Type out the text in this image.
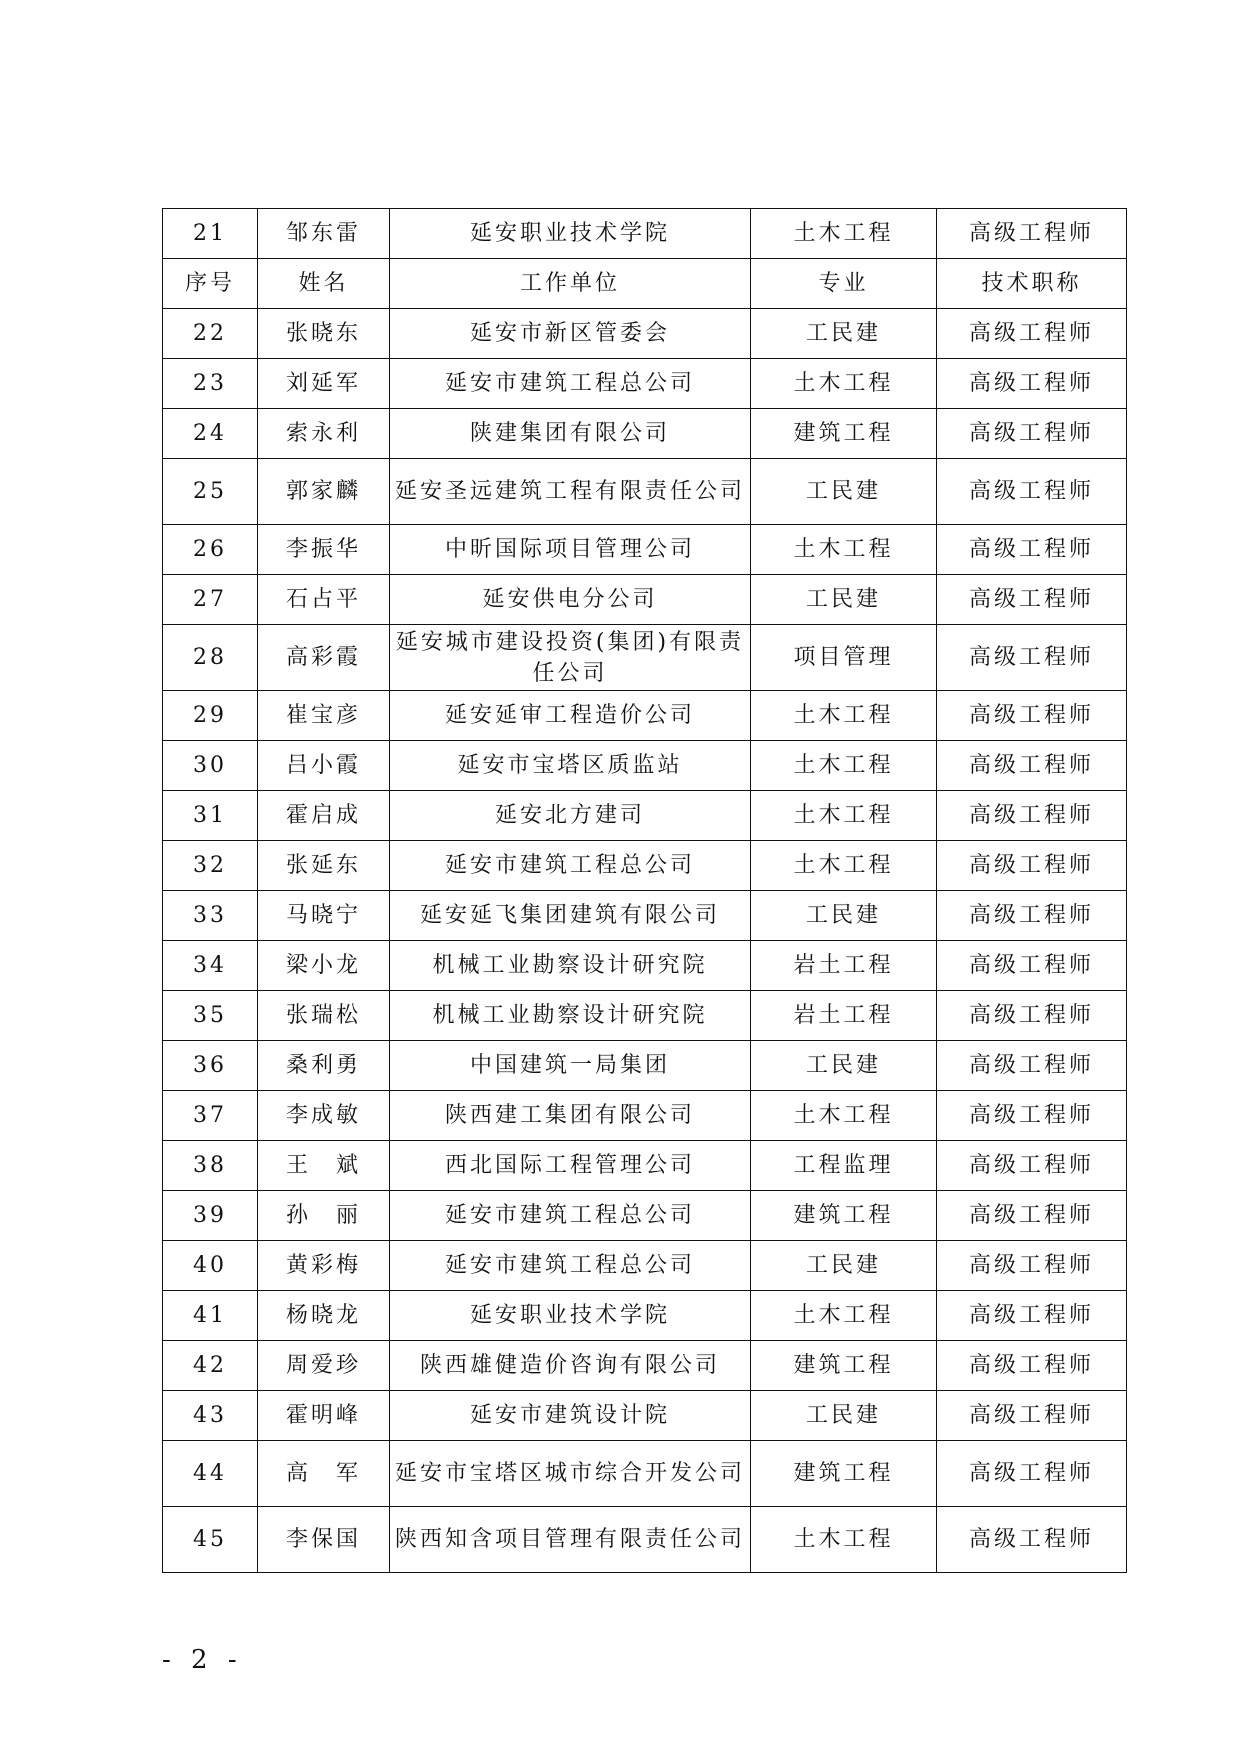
21	邹东雷	延安职业技术学院	土木工程	高级工程师
序号	姓名	工作单位	专业	技术职称
22	张晓东	延安市新区管委会	工民建	高级工程师
23	刘延军	延安市建筑工程总公司	土木工程	高级工程师
24	索永利	陕建集团有限公司	建筑工程	高级工程师
25	郭家麟	延安圣远建筑工程有限责任公司	工民建	高级工程师
26	李振华	中昕国际项目管理公司	土木工程	高级工程师
27	石占平	延安供电分公司	工民建	高级工程师
28	高彩霞	延安城市建设投资(集团)有限责任公司	项目管理	高级工程师
29	崔宝彦	延安延审工程造价公司	土木工程	高级工程师
30	吕小霞	延安市宝塔区质监站	土木工程	高级工程师
31	霍启成	延安北方建司	土木工程	高级工程师
32	张延东	延安市建筑工程总公司	土木工程	高级工程师
33	马晓宁	延安延飞集团建筑有限公司	工民建	高级工程师
34	梁小龙	机械工业勘察设计研究院	岩土工程	高级工程师
35	张瑞松	机械工业勘察设计研究院	岩土工程	高级工程师
36	桑利勇	中国建筑一局集团	工民建	高级工程师
37	李成敏	陕西建工集团有限公司	土木工程	高级工程师
38	王　斌	西北国际工程管理公司	工程监理	高级工程师
39	孙　丽	延安市建筑工程总公司	建筑工程	高级工程师
40	黄彩梅	延安市建筑工程总公司	工民建	高级工程师
41	杨晓龙	延安职业技术学院	土木工程	高级工程师
42	周爱珍	陕西雄健造价咨询有限公司	建筑工程	高级工程师
43	霍明峰	延安市建筑设计院	工民建	高级工程师
44	高　军	延安市宝塔区城市综合开发公司	建筑工程	高级工程师
45	李保国	陕西知含项目管理有限责任公司	土木工程	高级工程师
- 2 -
